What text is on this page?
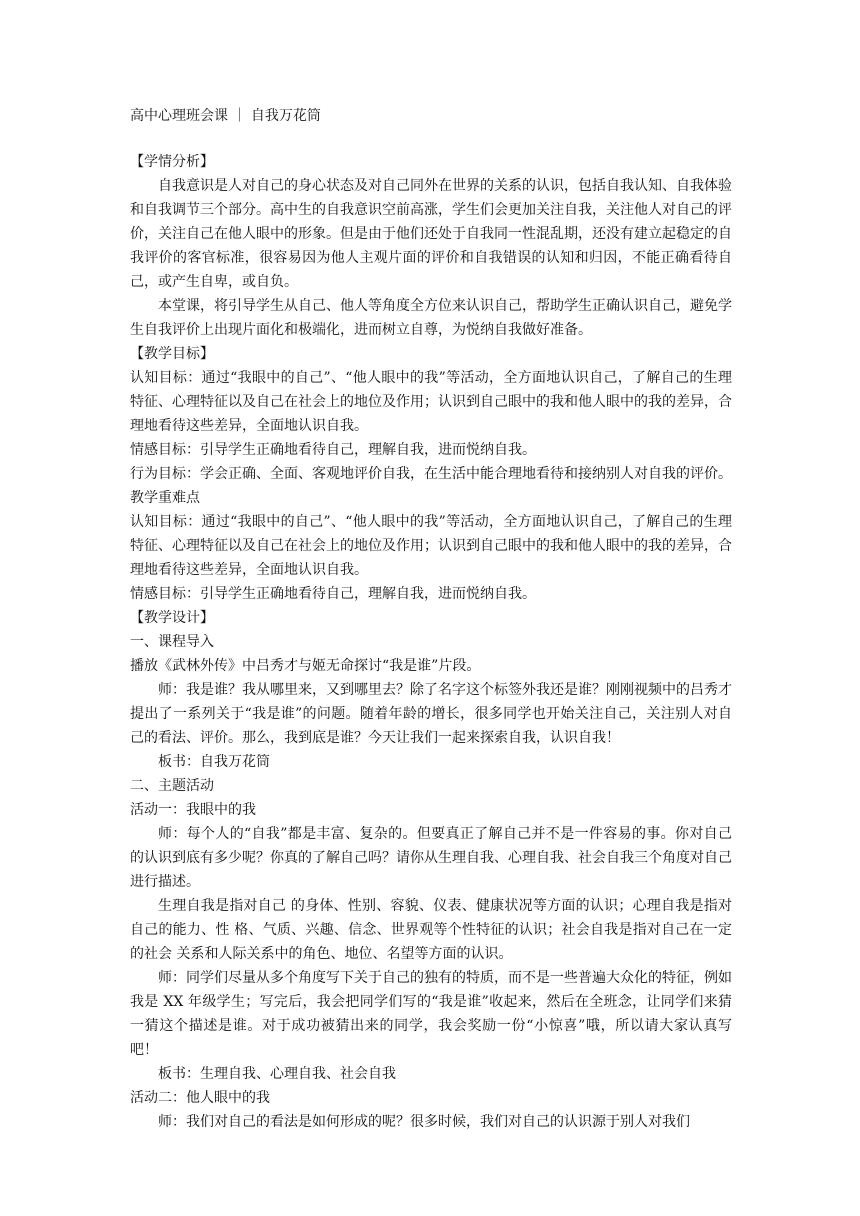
高中心理班会课 ｜ 自我万花筒

【学情分析】

自我意识是人对自己的身心状态及对自己同外在世界的关系的认识，包括自我认知、自我体验和自我调节三个部分。高中生的自我意识空前高涨，学生们会更加关注自我，关注他人对自己的评价，关注自己在他人眼中的形象。但是由于他们还处于自我同一性混乱期，还没有建立起稳定的自我评价的客官标准，很容易因为他人主观片面的评价和自我错误的认知和归因，不能正确看待自己，或产生自卑，或自负。

本堂课，将引导学生从自己、他人等角度全方位来认识自己，帮助学生正确认识自己，避免学生自我评价上出现片面化和极端化，进而树立自尊，为悦纳自我做好准备。

【教学目标】

认知目标：通过“我眼中的自己”、“他人眼中的我”等活动，全方面地认识自己，了解自己的生理特征、心理特征以及自己在社会上的地位及作用；认识到自己眼中的我和他人眼中的我的差异，合理地看待这些差异，全面地认识自我。

情感目标：引导学生正确地看待自己，理解自我，进而悦纳自我。

行为目标：学会正确、全面、客观地评价自我，在生活中能合理地看待和接纳别人对自我的评价。

教学重难点

认知目标：通过“我眼中的自己”、“他人眼中的我”等活动，全方面地认识自己，了解自己的生理特征、心理特征以及自己在社会上的地位及作用；认识到自己眼中的我和他人眼中的我的差异，合理地看待这些差异，全面地认识自我。

情感目标：引导学生正确地看待自己，理解自我，进而悦纳自我。

【教学设计】

一、课程导入

播放《武林外传》中吕秀才与姬无命探讨“我是谁”片段。

师：我是谁？我从哪里来，又到哪里去？除了名字这个标签外我还是谁？刚刚视频中的吕秀才提出了一系列关于“我是谁”的问题。随着年龄的增长，很多同学也开始关注自己，关注别人对自己的看法、评价。那么，我到底是谁？今天让我们一起来探索自我，认识自我！

板书：自我万花筒

二、主题活动

活动一：我眼中的我

师：每个人的“自我”都是丰富、复杂的。但要真正了解自己并不是一件容易的事。你对自己的认识到底有多少呢？你真的了解自己吗？请你从生理自我、心理自我、社会自我三个角度对自己进行描述。

生理自我是指对自己 的身体、性别、容貌、仪表、健康状况等方面的认识；心理自我是指对自己的能力、性 格、气质、兴趣、信念、世界观等个性特征的认识；社会自我是指对自己在一定的社会 关系和人际关系中的角色、地位、名望等方面的认识。

师：同学们尽量从多个角度写下关于自己的独有的特质，而不是一些普遍大众化的特征，例如我是 XX 年级学生；写完后，我会把同学们写的“我是谁”收起来，然后在全班念，让同学们来猜一猜这个描述是谁。对于成功被猜出来的同学，我会奖励一份“小惊喜”哦，所以请大家认真写吧！

板书：生理自我、心理自我、社会自我

活动二：他人眼中的我

师：我们对自己的看法是如何形成的呢？很多时候，我们对自己的认识源于别人对我们
